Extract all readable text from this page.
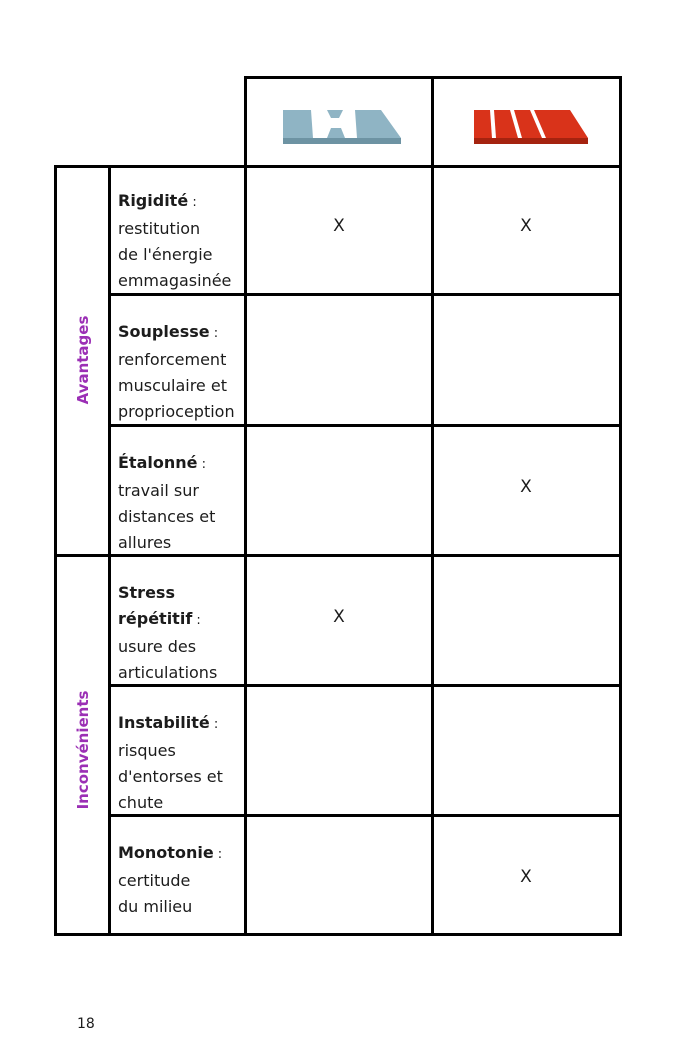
Avantages
Inconvénients
Rigidité :
restitution
de l'énergie
emmagasinée
X	X
Souplesse :
renforcement
musculaire et
proprioception
Étalonné :
travail sur
distances et
allures
X
Stress
répétitif :
usure des
articulations
X
Instabilité :
risques
d'entorses et
chute
Monotonie :
certitude
du milieu
X
18
